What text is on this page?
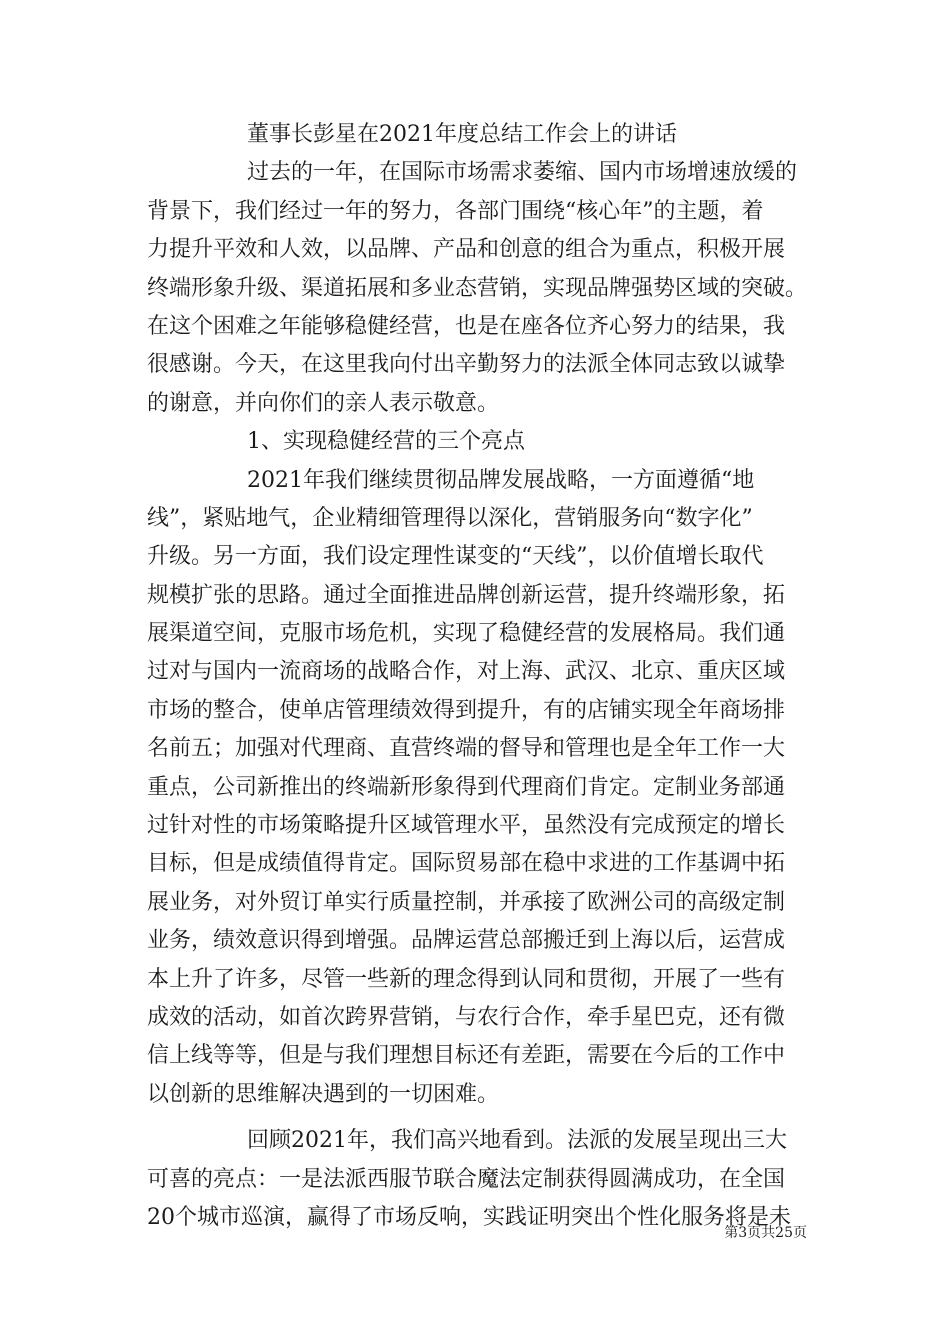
董事长彭星在2021年度总结工作会上的讲话
过去的一年，在国际市场需求萎缩、国内市场增速放缓的
背景下，我们经过一年的努力，各部门围绕“核心年”的主题，着
力提升平效和人效，以品牌、产品和创意的组合为重点，积极开展
终端形象升级、渠道拓展和多业态营销，实现品牌强势区域的突破。
在这个困难之年能够稳健经营，也是在座各位齐心努力的结果，我
很感谢。今天，在这里我向付出辛勤努力的法派全体同志致以诚挚
的谢意，并向你们的亲人表示敬意。
1、实现稳健经营的三个亮点
2021年我们继续贯彻品牌发展战略，一方面遵循“地
线”，紧贴地气，企业精细管理得以深化，营销服务向“数字化”
升级。另一方面，我们设定理性谋变的“天线”，以价值增长取代
规模扩张的思路。通过全面推进品牌创新运营，提升终端形象，拓
展渠道空间，克服市场危机，实现了稳健经营的发展格局。我们通
过对与国内一流商场的战略合作，对上海、武汉、北京、重庆区域
市场的整合，使单店管理绩效得到提升，有的店铺实现全年商场排
名前五；加强对代理商、直营终端的督导和管理也是全年工作一大
重点，公司新推出的终端新形象得到代理商们肯定。定制业务部通
过针对性的市场策略提升区域管理水平，虽然没有完成预定的增长
目标，但是成绩值得肯定。国际贸易部在稳中求进的工作基调中拓
展业务，对外贸订单实行质量控制，并承接了欧洲公司的高级定制
业务，绩效意识得到增强。品牌运营总部搬迁到上海以后，运营成
本上升了许多，尽管一些新的理念得到认同和贯彻，开展了一些有
成效的活动，如首次跨界营销，与农行合作，牵手星巴克，还有微
信上线等等，但是与我们理想目标还有差距，需要在今后的工作中
以创新的思维解决遇到的一切困难。
回顾2021年，我们高兴地看到。法派的发展呈现出三大
可喜的亮点：一是法派西服节联合魔法定制获得圆满成功，在全国
20个城市巡演，赢得了市场反响，实践证明突出个性化服务将是未
第3页共25页
